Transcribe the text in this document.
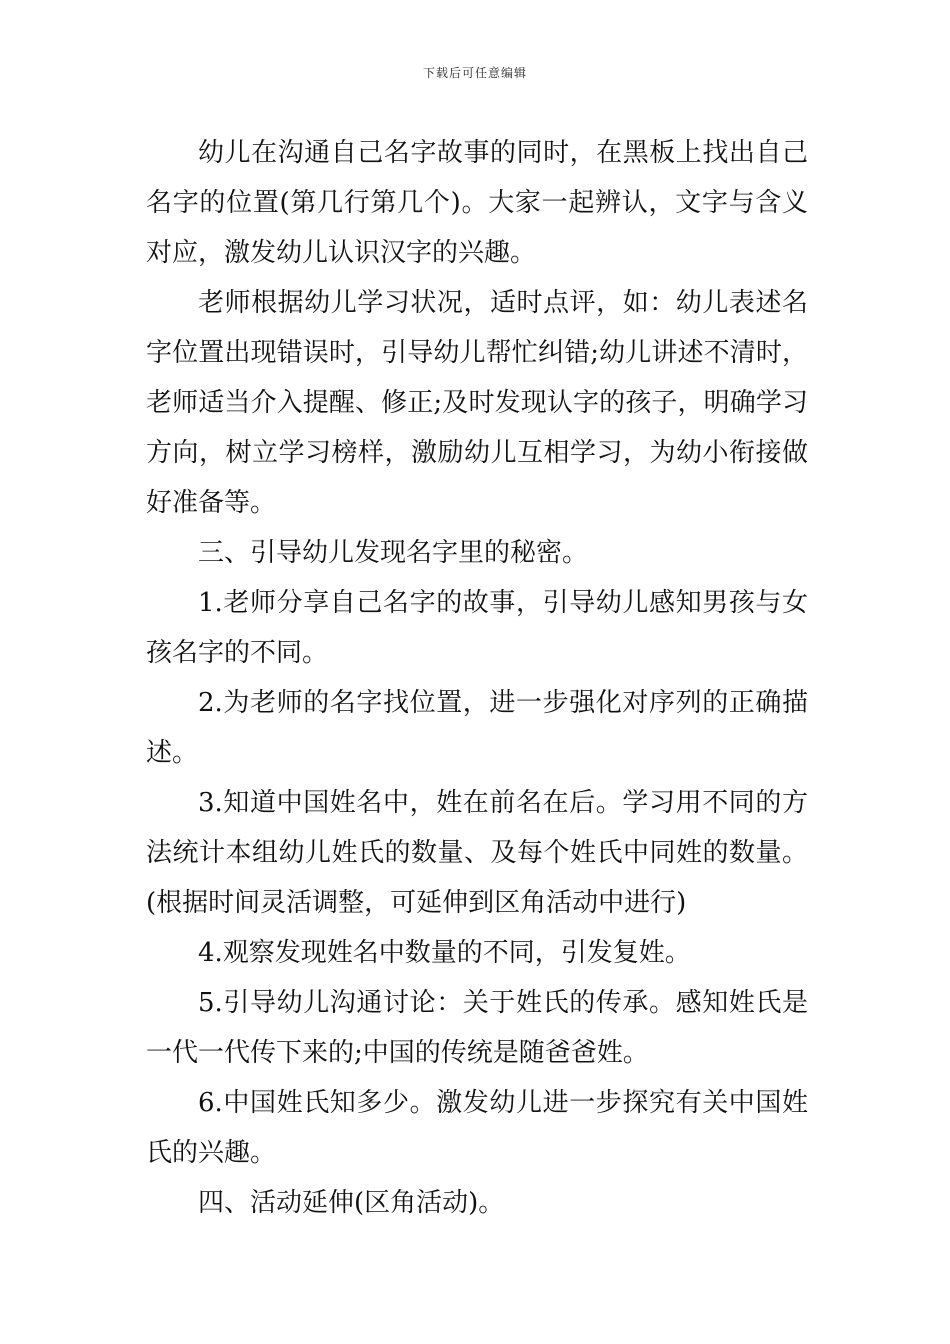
下载后可任意编辑

幼儿在沟通自己名字故事的同时，在黑板上找出自己名字的位置(第几行第几个)。大家一起辨认，文字与含义对应，激发幼儿认识汉字的兴趣。

老师根据幼儿学习状况，适时点评，如：幼儿表述名字位置出现错误时，引导幼儿帮忙纠错;幼儿讲述不清时，老师适当介入提醒、修正;及时发现认字的孩子，明确学习方向，树立学习榜样，激励幼儿互相学习，为幼小衔接做好准备等。

三、引导幼儿发现名字里的秘密。

1.老师分享自己名字的故事，引导幼儿感知男孩与女孩名字的不同。

2.为老师的名字找位置，进一步强化对序列的正确描述。

3.知道中国姓名中，姓在前名在后。学习用不同的方法统计本组幼儿姓氏的数量、及每个姓氏中同姓的数量。(根据时间灵活调整，可延伸到区角活动中进行)

4.观察发现姓名中数量的不同，引发复姓。

5.引导幼儿沟通讨论：关于姓氏的传承。感知姓氏是一代一代传下来的;中国的传统是随爸爸姓。

6.中国姓氏知多少。激发幼儿进一步探究有关中国姓氏的兴趣。

四、活动延伸(区角活动)。
